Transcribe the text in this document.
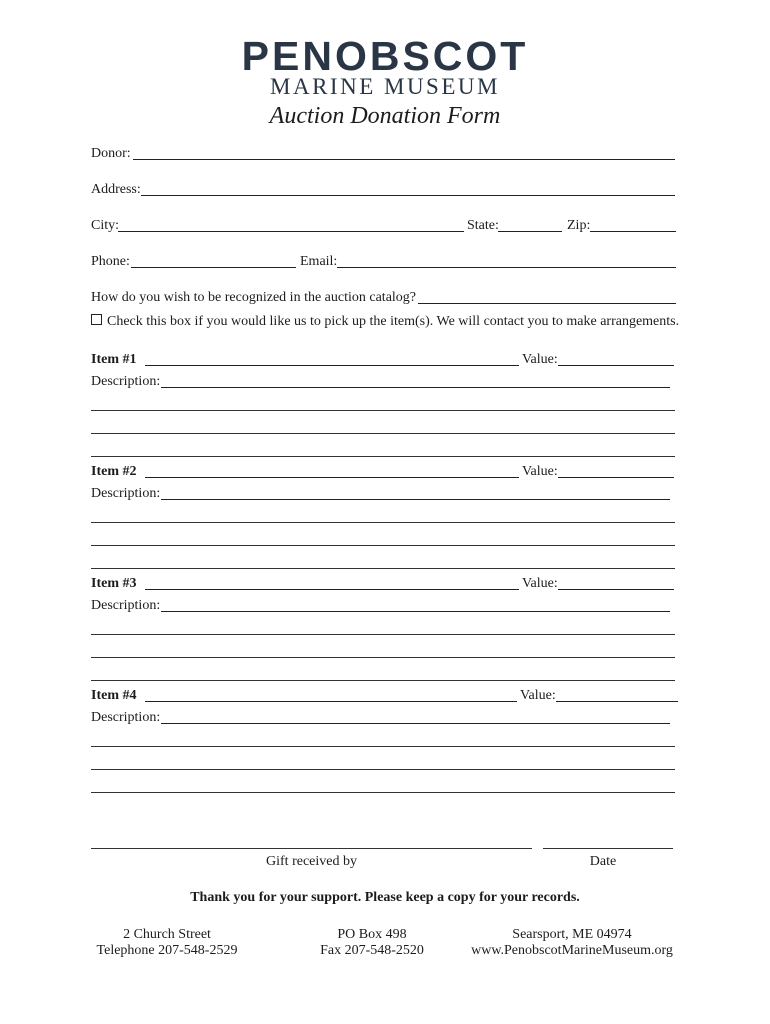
PENOBSCOT
MARINE MUSEUM
Auction Donation Form
Donor:
Address:
City:	State:	Zip:
Phone:	Email:
How do you wish to be recognized in the auction catalog?
Check this box if you would like us to pick up the item(s). We will contact you to make arrangements.
Item #1	Value:
Description:
Item #2	Value:
Description:
Item #3	Value:
Description:
Item #4	Value:
Description:
Gift received by	Date
Thank you for your support. Please keep a copy for your records.
2 Church Street
Telephone 207-548-2529
PO Box 498
Fax 207-548-2520
Searsport, ME 04974
www.PenobscotMarineMuseum.org
